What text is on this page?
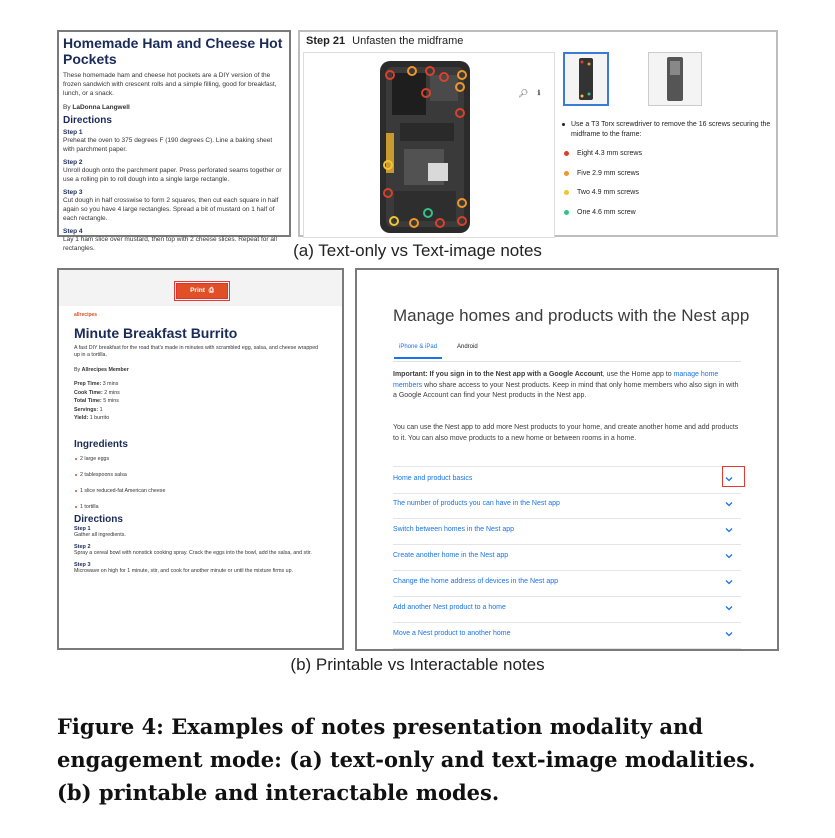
Homemade Ham and Cheese Hot Pockets
These homemade ham and cheese hot pockets are a DIY version of the frozen sandwich with crescent rolls and a simple filling, good for breakfast, lunch, or a snack.
By LaDonna Langwell
Directions
Step 1
Preheat the oven to 375 degrees F (190 degrees C). Line a baking sheet with parchment paper.
Step 2
Unroll dough onto the parchment paper. Press perforated seams together or use a rolling pin to roll dough into a single large rectangle.
Step 3
Cut dough in half crosswise to form 2 squares, then cut each square in half again so you have 4 large rectangles. Spread a bit of mustard on 1 half of each rectangle.
Step 4
Lay 1 ham slice over mustard, then top with 2 cheese slices. Repeat for all rectangles.
Step 21 Unfasten the midframe
🔎︎	ℹ
Use a T3 Torx screwdriver to remove the 16 screws securing the midframe to the frame:
Eight 4.3 mm screws
Five 2.9 mm screws
Two 4.9 mm screws
One 4.6 mm screw
(a) Text-only vs Text-image notes
Print ⎙
allrecipes
Minute Breakfast Burrito
A fast DIY breakfast for the road that's made in minutes with scrambled egg, salsa, and cheese wrapped up in a tortilla.
By Allrecipes Member
Prep Time: 3 mins
Cook Time: 2 mins
Total Time: 5 mins
Servings: 1
Yield: 1 burrito
Ingredients
2 large eggs
2 tablespoons salsa
1 slice reduced-fat American cheese
1 tortilla
Directions
Step 1
Gather all ingredients.
Step 2
Spray a cereal bowl with nonstick cooking spray. Crack the eggs into the bowl, add the salsa, and stir.
Step 3
Microwave on high for 1 minute, stir, and cook for another minute or until the mixture firms up.
Manage homes and products with the Nest app
iPhone & iPad	Android
Important: If you sign in to the Nest app with a Google Account, use the Home app to manage home members who share access to your Nest products. Keep in mind that only home members who also sign in with a Google Account can find your Nest products in the Nest app.
You can use the Nest app to add more Nest products to your home, and create another home and add products to it. You can also move products to a new home or between rooms in a home.
Home and product basics
The number of products you can have in the Nest app
Switch between homes in the Nest app
Create another home in the Nest app
Change the home address of devices in the Nest app
Add another Nest product to a home
Move a Nest product to another home
(b) Printable vs Interactable notes
Figure 4: Examples of notes presentation modality and engagement mode: (a) text-only and text-image modalities. (b) printable and interactable modes.
